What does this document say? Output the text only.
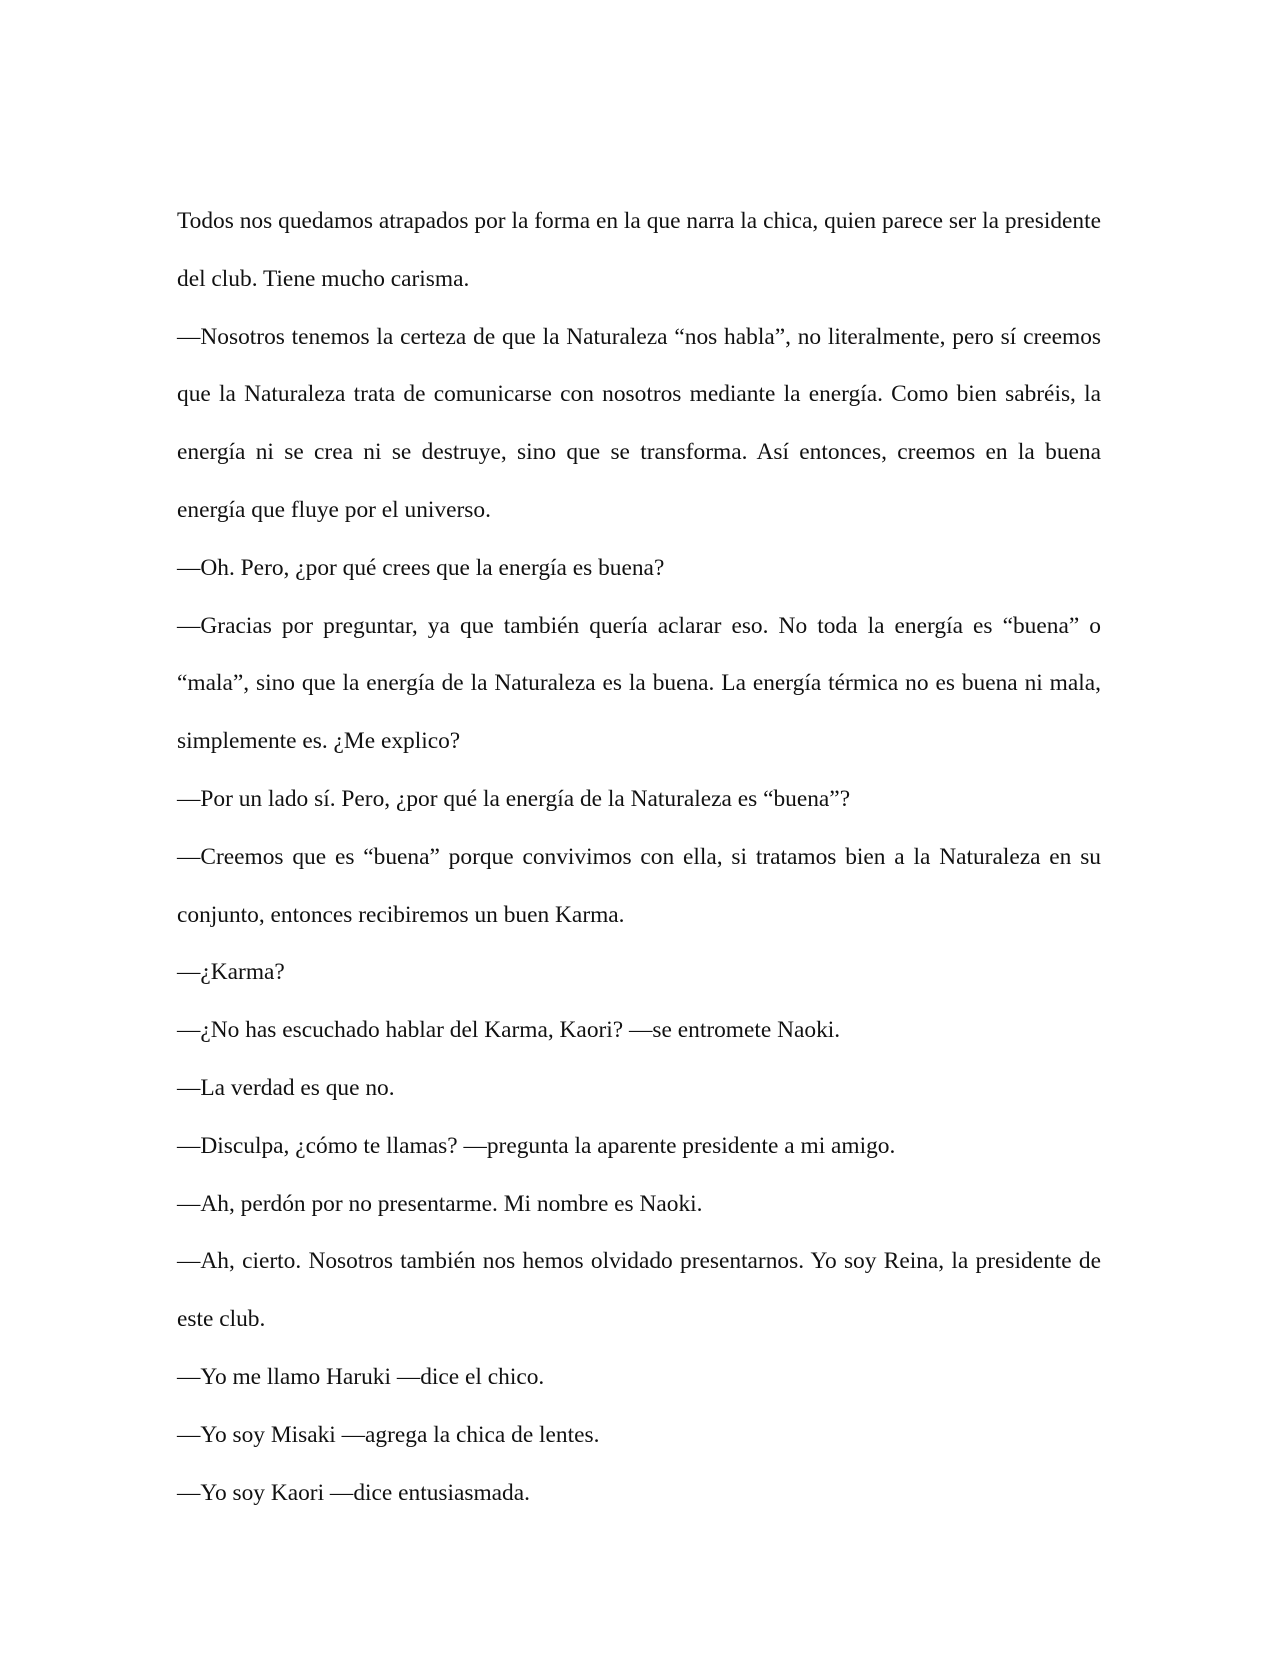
Todos nos quedamos atrapados por la forma en la que narra la chica, quien parece ser la presidente del club. Tiene mucho carisma.

—Nosotros tenemos la certeza de que la Naturaleza “nos habla”, no literalmente, pero sí creemos que la Naturaleza trata de comunicarse con nosotros mediante la energía. Como bien sabréis, la energía ni se crea ni se destruye, sino que se transforma. Así entonces, creemos en la buena energía que fluye por el universo.

—Oh. Pero, ¿por qué crees que la energía es buena?

—Gracias por preguntar, ya que también quería aclarar eso. No toda la energía es “buena” o “mala”, sino que la energía de la Naturaleza es la buena. La energía térmica no es buena ni mala, simplemente es. ¿Me explico?

—Por un lado sí. Pero, ¿por qué la energía de la Naturaleza es “buena”?

—Creemos que es “buena” porque convivimos con ella, si tratamos bien a la Naturaleza en su conjunto, entonces recibiremos un buen Karma.

—¿Karma?

—¿No has escuchado hablar del Karma, Kaori? —se entromete Naoki.

—La verdad es que no.

—Disculpa, ¿cómo te llamas? —pregunta la aparente presidente a mi amigo.

—Ah, perdón por no presentarme. Mi nombre es Naoki.

—Ah, cierto. Nosotros también nos hemos olvidado presentarnos. Yo soy Reina, la presidente de este club.

—Yo me llamo Haruki —dice el chico.

—Yo soy Misaki —agrega la chica de lentes.

—Yo soy Kaori —dice entusiasmada.
